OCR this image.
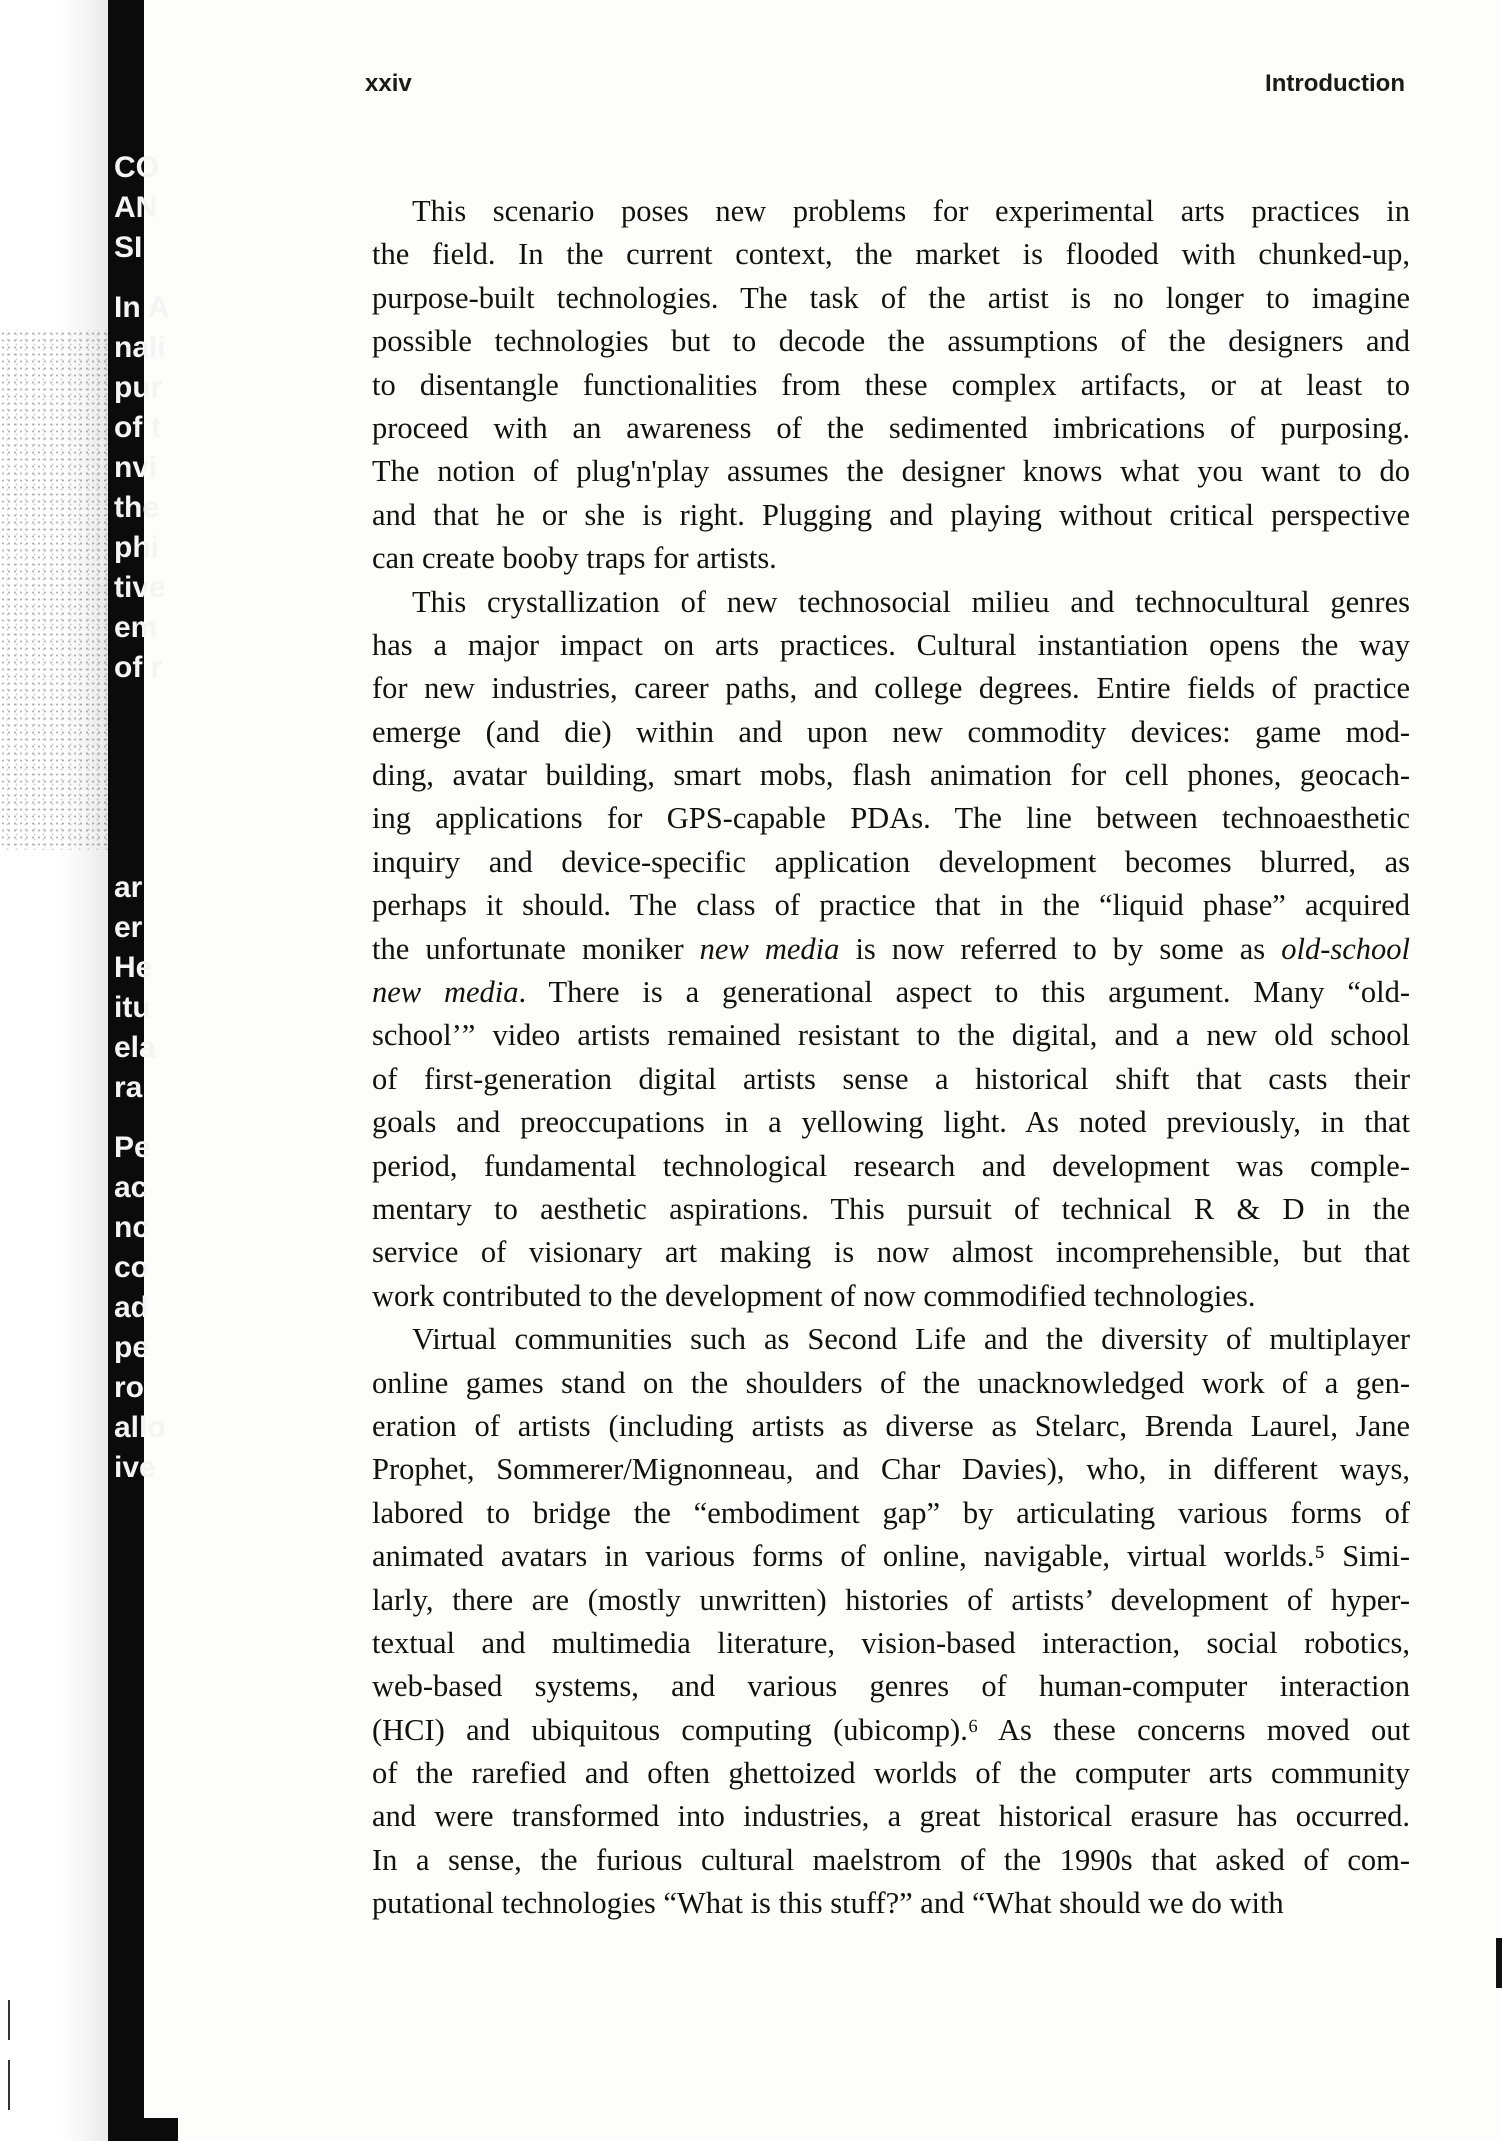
CO
AN
SI
In A
nali
pur
of t
nvi
the
phi
tive
em
of r
ar
er
He
itu
ela
ra
Pe
ac
nc
co
ad
pe
ro
allo
ive
xxiv	Introduction
This scenario poses new problems for experimental arts practices in
the field. In the current context, the market is flooded with chunked-up,
purpose-built technologies. The task of the artist is no longer to imagine
possible technologies but to decode the assumptions of the designers and
to disentangle functionalities from these complex artifacts, or at least to
proceed with an awareness of the sedimented imbrications of purposing.
The notion of plug'n'play assumes the designer knows what you want to do
and that he or she is right. Plugging and playing without critical perspective
can create booby traps for artists.
This crystallization of new technosocial milieu and technocultural genres
has a major impact on arts practices. Cultural instantiation opens the way
for new industries, career paths, and college degrees. Entire fields of practice
emerge (and die) within and upon new commodity devices: game mod-
ding, avatar building, smart mobs, flash animation for cell phones, geocach-
ing applications for GPS-capable PDAs. The line between technoaesthetic
inquiry and device-specific application development becomes blurred, as
perhaps it should. The class of practice that in the “liquid phase” acquired
the unfortunate moniker new media is now referred to by some as old-school
new media. There is a generational aspect to this argument. Many “old-
school’” video artists remained resistant to the digital, and a new old school
of first-generation digital artists sense a historical shift that casts their
goals and preoccupations in a yellowing light. As noted previously, in that
period, fundamental technological research and development was comple-
mentary to aesthetic aspirations. This pursuit of technical R & D in the
service of visionary art making is now almost incomprehensible, but that
work contributed to the development of now commodified technologies.
Virtual communities such as Second Life and the diversity of multiplayer
online games stand on the shoulders of the unacknowledged work of a gen-
eration of artists (including artists as diverse as Stelarc, Brenda Laurel, Jane
Prophet, Sommerer/Mignonneau, and Char Davies), who, in different ways,
labored to bridge the “embodiment gap” by articulating various forms of
animated avatars in various forms of online, navigable, virtual worlds.⁵ Simi-
larly, there are (mostly unwritten) histories of artists’ development of hyper-
textual and multimedia literature, vision-based interaction, social robotics,
web-based systems, and various genres of human-computer interaction
(HCI) and ubiquitous computing (ubicomp).⁶ As these concerns moved out
of the rarefied and often ghettoized worlds of the computer arts community
and were transformed into industries, a great historical erasure has occurred.
In a sense, the furious cultural maelstrom of the 1990s that asked of com-
putational technologies “What is this stuff?” and “What should we do with
